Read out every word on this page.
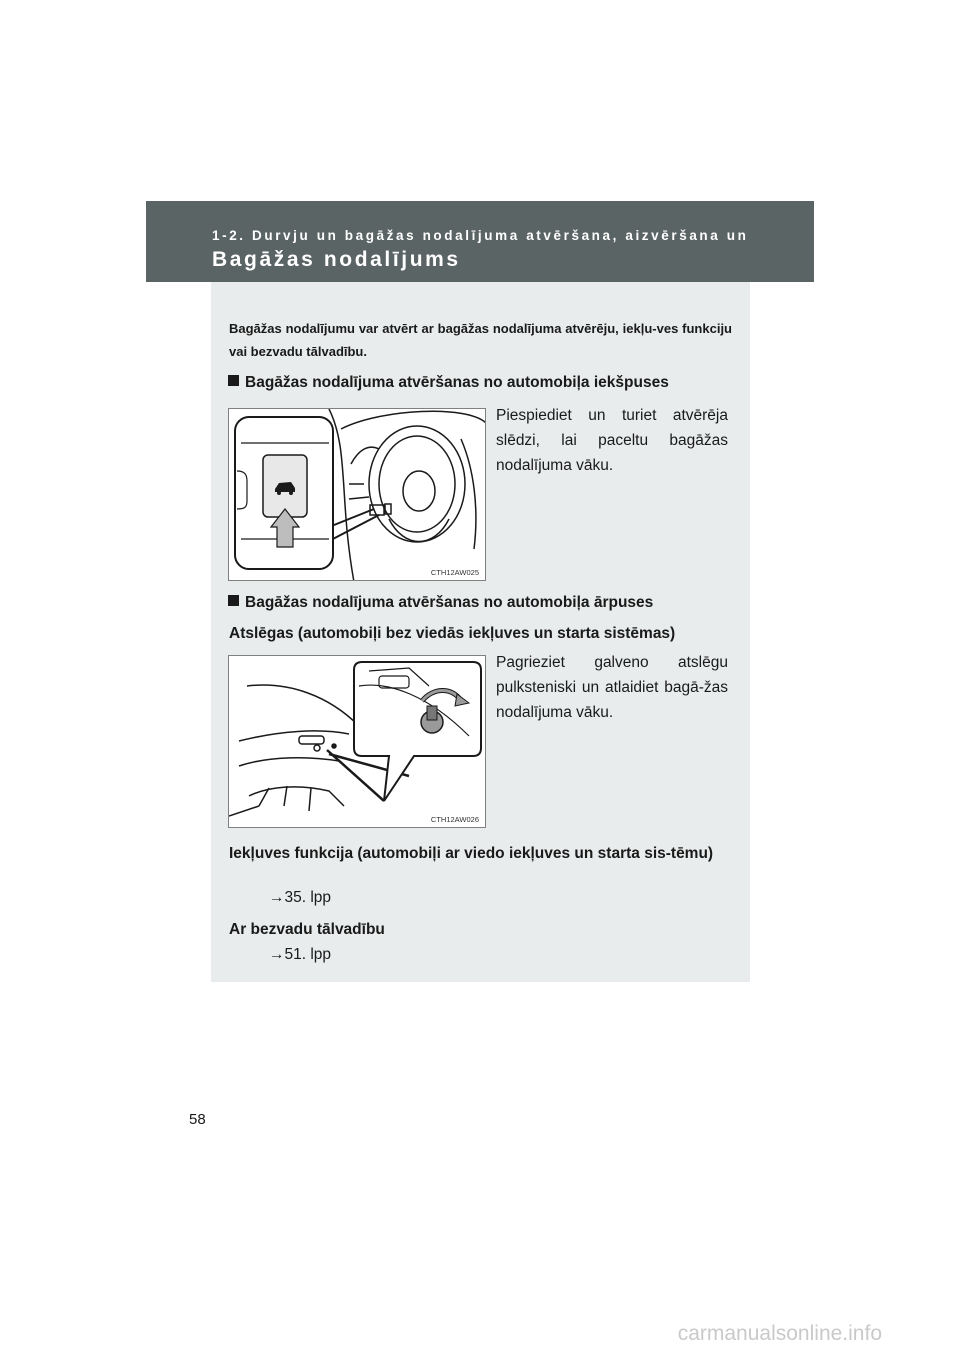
1-2. Durvju un bagāžas nodalījuma atvēršana, aizvēršana un
Bagāžas nodalījums
Bagāžas nodalījumu var atvērt ar bagāžas nodalījuma atvērēju, iekļu-ves funkciju vai bezvadu tālvadību.
Bagāžas nodalījuma atvēršanas no automobiļa iekšpuses
CTH12AW025
Piespiediet un turiet atvērēja slēdzi, lai paceltu bagāžas nodalījuma vāku.
Bagāžas nodalījuma atvēršanas no automobiļa ārpuses
Atslēgas (automobiļi bez viedās iekļuves un starta sistēmas)
CTH12AW026
Pagrieziet galveno atslēgu pulksteniski un atlaidiet bagā-žas nodalījuma vāku.
Iekļuves funkcija (automobiļi ar viedo iekļuves un starta sis-tēmu)
→35. lpp
Ar bezvadu tālvadību
→51. lpp
58
carmanualsonline.info
